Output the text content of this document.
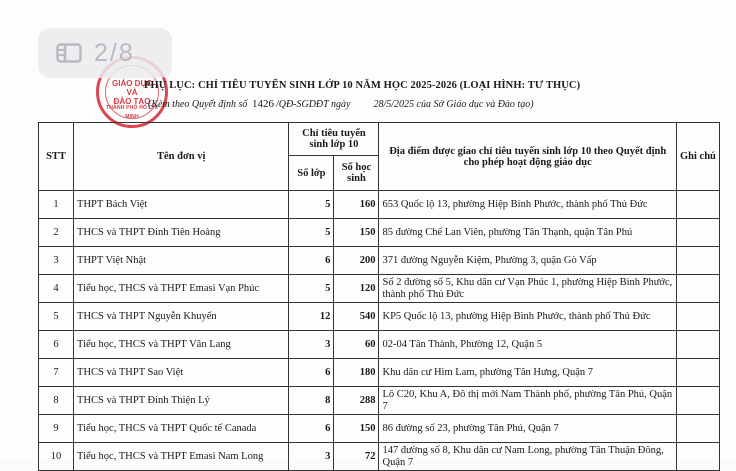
GIÁO DỤC
VÀ
ĐÀO TẠO
THÀNH PHỐ HỒ CHÍ MINH
PHỤ LỤC: CHỈ TIÊU TUYỂN SINH LỚP 10 NĂM HỌC 2025-2026 (LOẠI HÌNH: TƯ THỤC)
(Kèm theo Quyết định số 1426 /QĐ-SGDĐT ngày 28/5/2025 của Sở Giáo dục và Đào tạo)
STT	Tên đơn vị	Chỉ tiêu tuyển sinh lớp 10		Địa điểm được giao chỉ tiêu tuyển sinh lớp 10 theo Quyết định cho phép hoạt động giáo dục	Ghi chú
		Số lớp	Số học sinh		
1	THPT Bách Việt	5	160	653 Quốc lộ 13, phường Hiệp Bình Phước, thành phố Thủ Đức	
2	THCS và THPT Đinh Tiên Hoàng	5	150	85 đường Chế Lan Viên, phường Tân Thạnh, quận Tân Phú	
3	THPT Việt Nhật	6	200	371 đường Nguyễn Kiệm, Phường 3, quận Gò Vấp	
4	Tiểu học, THCS và THPT Emasi Vạn Phúc	5	120	Số 2 đường số 5, Khu dân cư Vạn Phúc 1, phường Hiệp Bình Phước, thành phố Thủ Đức	
5	THCS và THPT Nguyễn Khuyến	12	540	KP5 Quốc lộ 13, phường Hiệp Bình Phước, thành phố Thủ Đức	
6	Tiểu học, THCS và THPT Văn Lang	3	60	02-04 Tân Thành, Phường 12, Quận 5	
7	THCS và THPT Sao Việt	6	180	Khu dân cư Him Lam, phường Tân Hưng, Quận 7	
8	THCS và THPT Đinh Thiện Lý	8	288	Lô C20, Khu A, Đô thị mới Nam Thành phố, phường Tân Phú, Quận 7	
9	Tiểu học, THCS và THPT Quốc tế Canada	6	150	86 đường số 23, phường Tân Phú, Quận 7	
10	Tiểu học, THCS và THPT Emasi Nam Long	3	72	147 đường số 8, Khu dân cư Nam Long, phường Tân Thuận Đông, Quận 7	
2/8
